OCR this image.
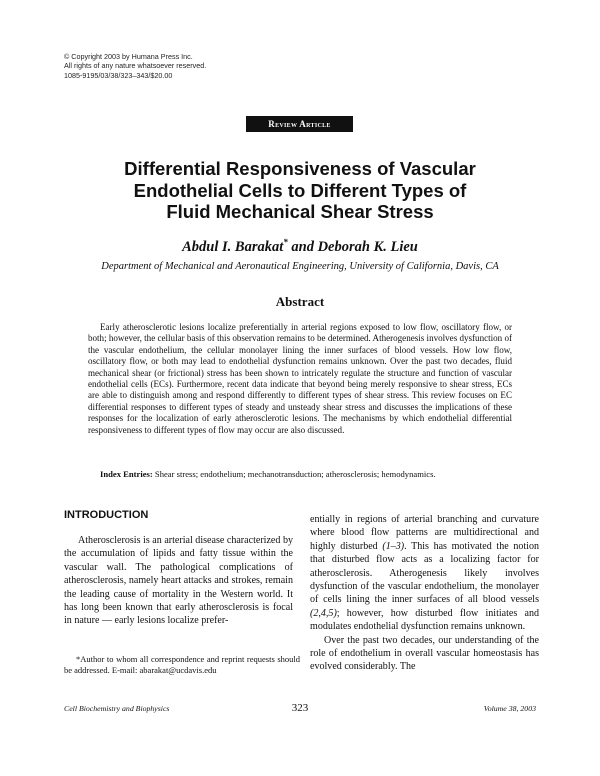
© Copyright 2003 by Humana Press Inc.
All rights of any nature whatsoever reserved.
1085-9195/03/38/323–343/$20.00
Review Article
Differential Responsiveness of Vascular
Endothelial Cells to Different Types of
Fluid Mechanical Shear Stress
Abdul I. Barakat* and Deborah K. Lieu
Department of Mechanical and Aeronautical Engineering, University of California, Davis, CA
Abstract
Early atherosclerotic lesions localize preferentially in arterial regions exposed to low flow, oscillatory flow, or both; however, the cellular basis of this observation remains to be determined. Atherogenesis involves dysfunction of the vascular endothelium, the cellular monolayer lining the inner surfaces of blood vessels. How low flow, oscillatory flow, or both may lead to endothelial dysfunction remains unknown. Over the past two decades, fluid mechanical shear (or frictional) stress has been shown to intricately regulate the structure and function of vascular endothelial cells (ECs). Furthermore, recent data indicate that beyond being merely responsive to shear stress, ECs are able to distinguish among and respond differently to different types of shear stress. This review focuses on EC differential responses to different types of steady and unsteady shear stress and discusses the implications of these responses for the localization of early atherosclerotic lesions. The mechanisms by which endothelial differential responsiveness to different types of flow may occur are also discussed.
Index Entries: Shear stress; endothelium; mechanotransduction; atherosclerosis; hemodynamics.
INTRODUCTION
Atherosclerosis is an arterial disease characterized by the accumulation of lipids and fatty tissue within the vascular wall. The pathological complications of atherosclerosis, namely heart attacks and strokes, remain the leading cause of mortality in the Western world. It has long been known that early atherosclerosis is focal in nature — early lesions localize prefer-
entially in regions of arterial branching and curvature where blood flow patterns are multidirectional and highly disturbed (1–3). This has motivated the notion that disturbed flow acts as a localizing factor for atherosclerosis. Atherogenesis likely involves dysfunction of the vascular endothelium, the monolayer of cells lining the inner surfaces of all blood vessels (2,4,5); however, how disturbed flow initiates and modulates endothelial dysfunction remains unknown.
Over the past two decades, our understanding of the role of endothelium in overall vascular homeostasis has evolved considerably. The
*Author to whom all correspondence and reprint requests should be addressed. E-mail: abarakat@ucdavis.edu
Cell Biochemistry and Biophysics	323	Volume 38, 2003
